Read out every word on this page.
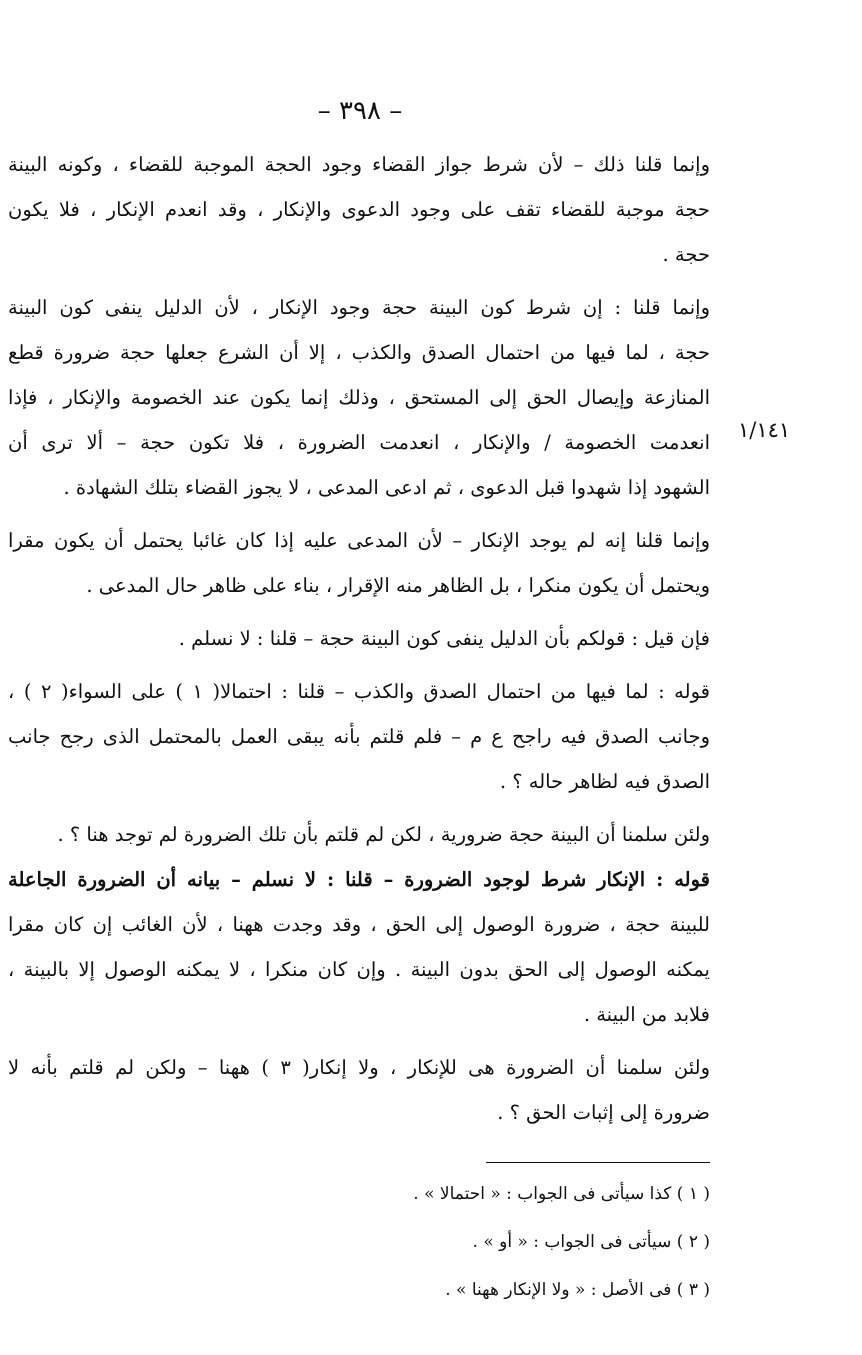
– ٣٩٨ –
١/١٤١
وإنما قلنا ذلك – لأن شرط جواز القضاء وجود الحجة الموجبة للقضاء ، وكونه البينة
حجة موجبة للقضاء تقف على وجود الدعوى والإنكار ، وقد انعدم الإنكار ، فلا يكون
حجة .
وإنما قلنا : إن شرط كون البينة حجة وجود الإنكار ، لأن الدليل ينفى كون البينة
حجة ، لما فيها من احتمال الصدق والكذب ، إلا أن الشرع جعلها حجة ضرورة قطع
المنازعة وإيصال الحق إلى المستحق ، وذلك إنما يكون عند الخصومة والإنكار ، فإذا
انعدمت الخصومة / والإنكار ، انعدمت الضرورة ، فلا تكون حجة – ألا ترى أن
الشهود إذا شهدوا قبل الدعوى ، ثم ادعى المدعى ، لا يجوز القضاء بتلك الشهادة .
وإنما قلنا إنه لم يوجد الإنكار – لأن المدعى عليه إذا كان غائبا يحتمل أن يكون مقرا
ويحتمل أن يكون منكرا ، بل الظاهر منه الإقرار ، بناء على ظاهر حال المدعى .
فإن قيل : قولكم بأن الدليل ينفى كون البينة حجة – قلنا : لا نسلم .
قوله : لما فيها من احتمال الصدق والكذب – قلنا : احتمالا( ١ ) على السواء( ٢ ) ،
وجانب الصدق فيه راجح ع م – فلم قلتم بأنه يبقى العمل بالمحتمل الذى رجح جانب
الصدق فيه لظاهر حاله ؟ .
ولئن سلمنا أن البينة حجة ضرورية ، لكن لم قلتم بأن تلك الضرورة لم توجد هنا ؟ .
قوله : الإنكار شرط لوجود الضرورة – قلنا : لا نسلم – بيانه أن الضرورة الجاعلة
للبينة حجة ، ضرورة الوصول إلى الحق ، وقد وجدت ههنا ، لأن الغائب إن كان مقرا
يمكنه الوصول إلى الحق بدون البينة . وإن كان منكرا ، لا يمكنه الوصول إلا بالبينة ،
فلابد من البينة .
ولئن سلمنا أن الضرورة هى للإنكار ، ولا إنكار( ٣ ) ههنا – ولكن لم قلتم بأنه لا
ضرورة إلى إثبات الحق ؟ .
( ١ ) كذا سيأتى فى الجواب : « احتمالا » .
( ٢ ) سيأتى فى الجواب : « أو » .
( ٣ ) فى الأصل : « ولا الإنكار ههنا » .
